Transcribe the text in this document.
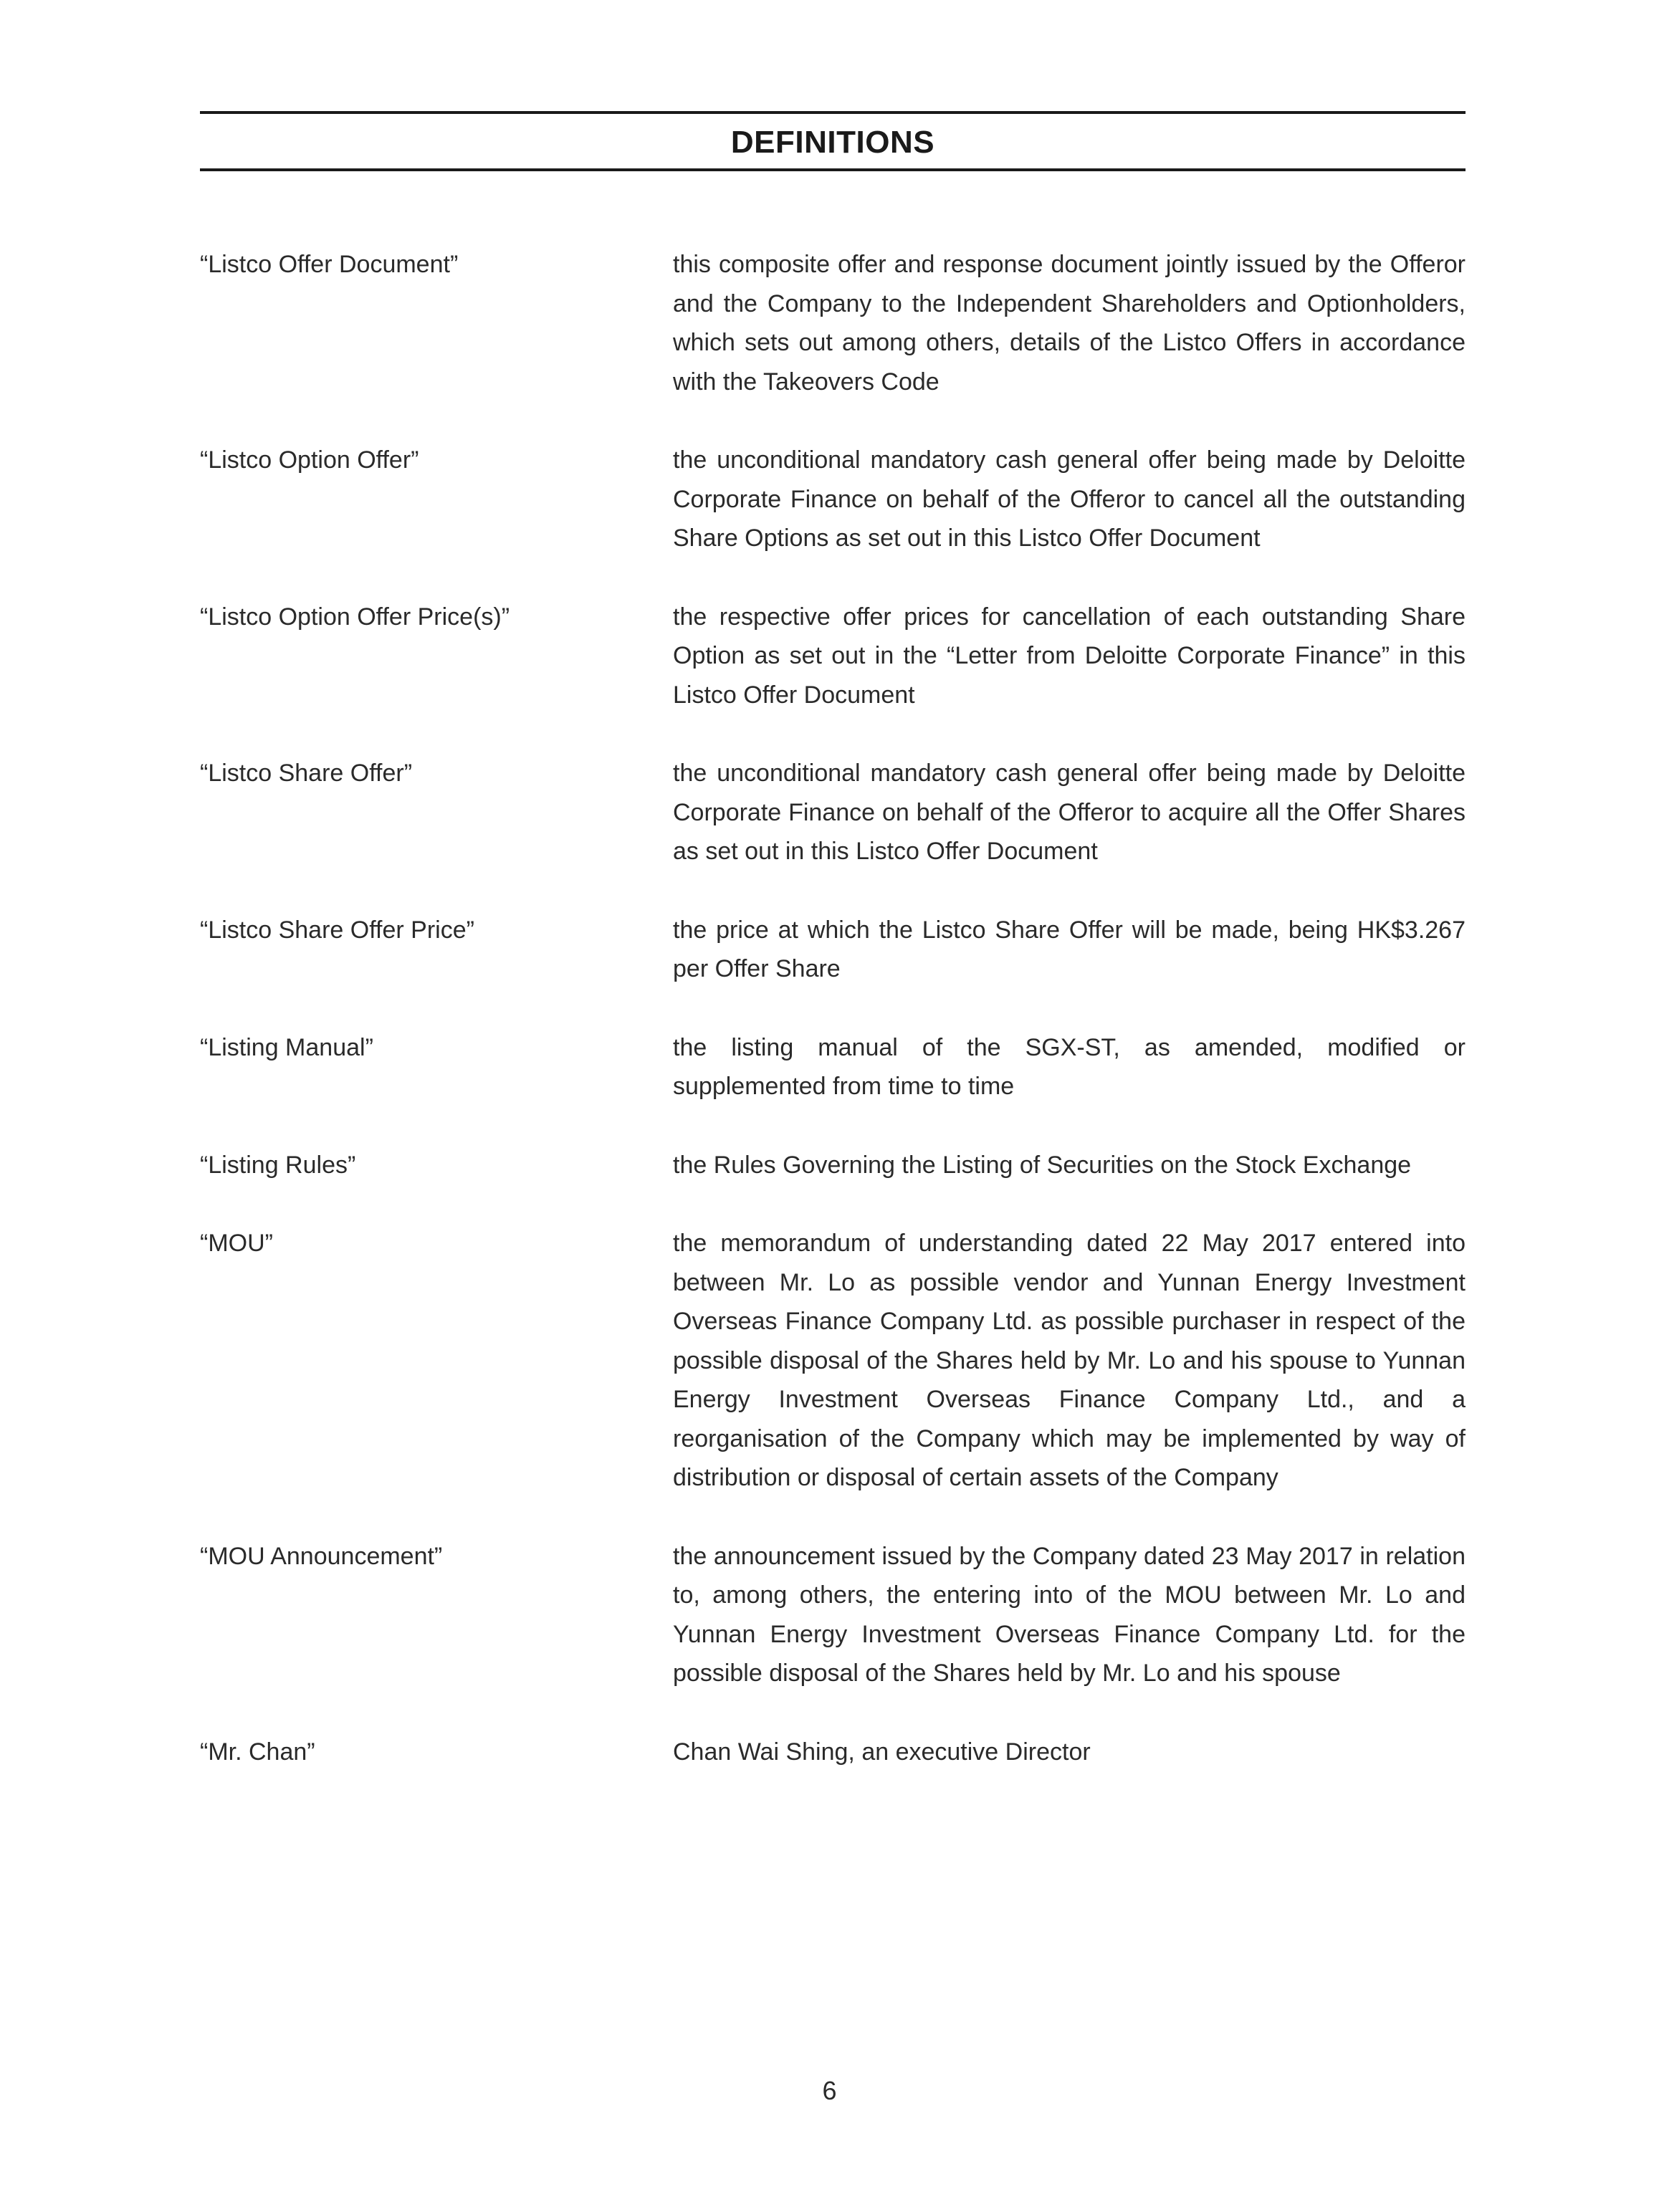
DEFINITIONS
“Listco Offer Document”	this composite offer and response document jointly issued by the Offeror and the Company to the Independent Shareholders and Optionholders, which sets out among others, details of the Listco Offers in accordance with the Takeovers Code
“Listco Option Offer”	the unconditional mandatory cash general offer being made by Deloitte Corporate Finance on behalf of the Offeror to cancel all the outstanding Share Options as set out in this Listco Offer Document
“Listco Option Offer Price(s)”	the respective offer prices for cancellation of each outstanding Share Option as set out in the “Letter from Deloitte Corporate Finance” in this Listco Offer Document
“Listco Share Offer”	the unconditional mandatory cash general offer being made by Deloitte Corporate Finance on behalf of the Offeror to acquire all the Offer Shares as set out in this Listco Offer Document
“Listco Share Offer Price”	the price at which the Listco Share Offer will be made, being HK$3.267 per Offer Share
“Listing Manual”	the listing manual of the SGX-ST, as amended, modified or supplemented from time to time
“Listing Rules”	the Rules Governing the Listing of Securities on the Stock Exchange
“MOU”	the memorandum of understanding dated 22 May 2017 entered into between Mr. Lo as possible vendor and Yunnan Energy Investment Overseas Finance Company Ltd. as possible purchaser in respect of the possible disposal of the Shares held by Mr. Lo and his spouse to Yunnan Energy Investment Overseas Finance Company Ltd., and a reorganisation of the Company which may be implemented by way of distribution or disposal of certain assets of the Company
“MOU Announcement”	the announcement issued by the Company dated 23 May 2017 in relation to, among others, the entering into of the MOU between Mr. Lo and Yunnan Energy Investment Overseas Finance Company Ltd. for the possible disposal of the Shares held by Mr. Lo and his spouse
“Mr. Chan”	Chan Wai Shing, an executive Director
6
